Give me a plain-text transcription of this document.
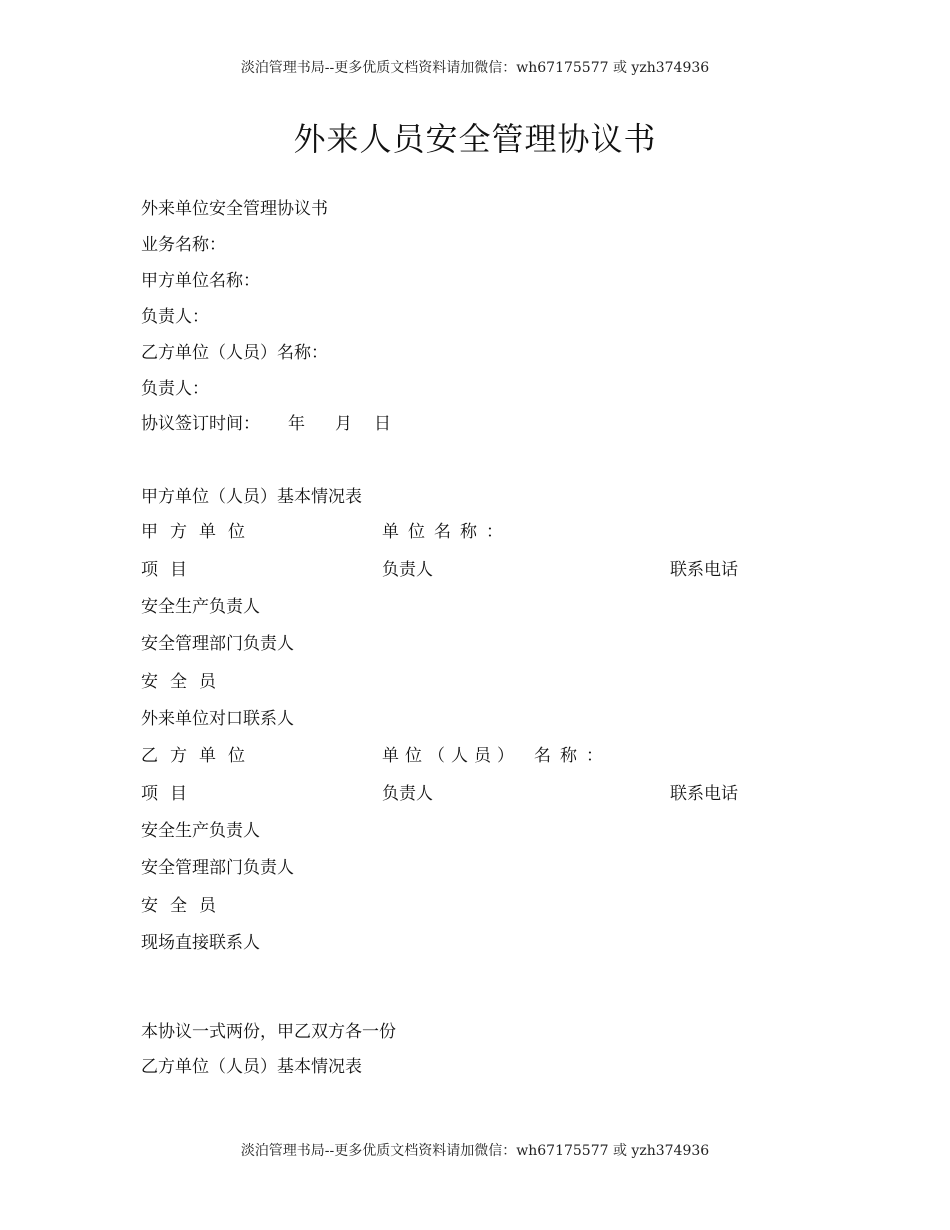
淡泊管理书局--更多优质文档资料请加微信：wh67175577 或 yzh374936
外来人员安全管理协议书
外来单位安全管理协议书
业务名称：
甲方单位名称：
负责人：
乙方单位（人员）名称：
负责人：
协议签订时间： 年 月 日
甲方单位（人员）基本情况表
甲方单位	单位名称：
项目	负责人	联系电话
安全生产负责人
安全管理部门负责人
安全员
外来单位对口联系人
乙方单位	单位（人员） 名称：
项目	负责人	联系电话
安全生产负责人
安全管理部门负责人
安全员
现场直接联系人
本协议一式两份，甲乙双方各一份
乙方单位（人员）基本情况表
淡泊管理书局--更多优质文档资料请加微信：wh67175577 或 yzh374936
